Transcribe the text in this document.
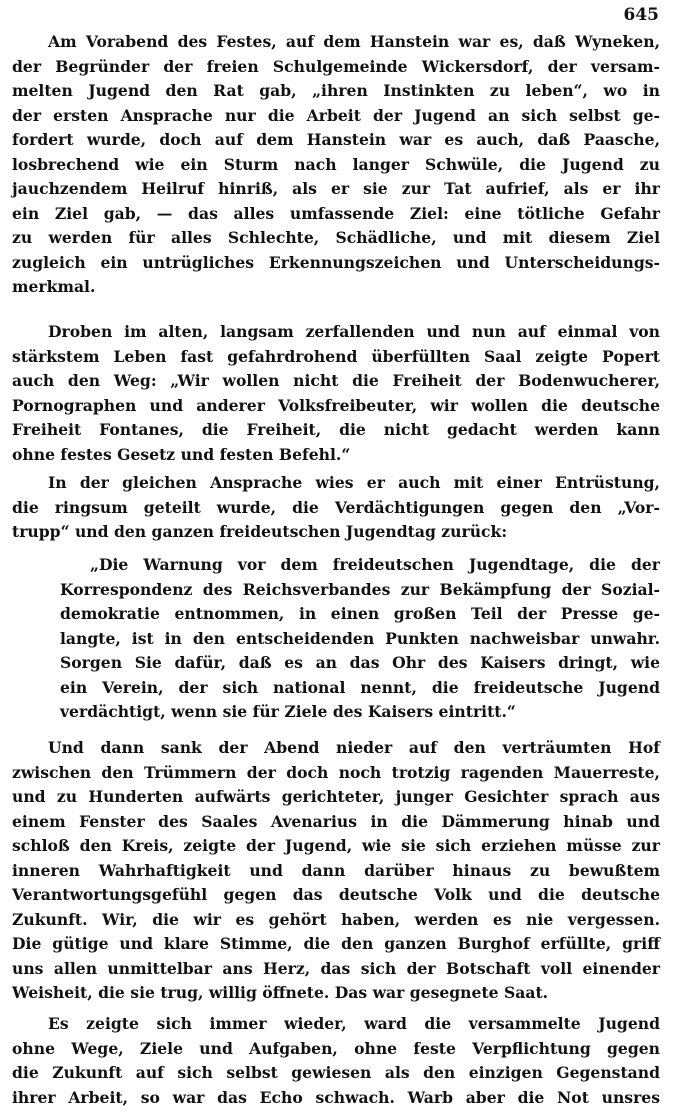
645
Am Vorabend des Festes, auf dem Hanstein war es, daß Wyneken,
der Begründer der freien Schulgemeinde Wickersdorf, der versam-
melten Jugend den Rat gab, „ihren Instinkten zu leben“, wo in
der ersten Ansprache nur die Arbeit der Jugend an sich selbst ge-
fordert wurde, doch auf dem Hanstein war es auch, daß Paasche,
losbrechend wie ein Sturm nach langer Schwüle, die Jugend zu
jauchzendem Heilruf hinriß, als er sie zur Tat aufrief, als er ihr
ein Ziel gab, — das alles umfassende Ziel: eine tötliche Gefahr
zu werden für alles Schlechte, Schädliche, und mit diesem Ziel
zugleich ein untrügliches Erkennungszeichen und Unterscheidungs-
merkmal.
Droben im alten, langsam zerfallenden und nun auf einmal von
stärkstem Leben fast gefahrdrohend überfüllten Saal zeigte Popert
auch den Weg: „Wir wollen nicht die Freiheit der Bodenwucherer,
Pornographen und anderer Volksfreibeuter, wir wollen die deutsche
Freiheit Fontanes, die Freiheit, die nicht gedacht werden kann
ohne festes Gesetz und festen Befehl.“
In der gleichen Ansprache wies er auch mit einer Entrüstung,
die ringsum geteilt wurde, die Verdächtigungen gegen den „Vor-
trupp“ und den ganzen freideutschen Jugendtag zurück:
„Die Warnung vor dem freideutschen Jugendtage, die der
Korrespondenz des Reichsverbandes zur Bekämpfung der Sozial-
demokratie entnommen, in einen großen Teil der Presse ge-
langte, ist in den entscheidenden Punkten nachweisbar unwahr.
Sorgen Sie dafür, daß es an das Ohr des Kaisers dringt, wie
ein Verein, der sich national nennt, die freideutsche Jugend
verdächtigt, wenn sie für Ziele des Kaisers eintritt.“
Und dann sank der Abend nieder auf den verträumten Hof
zwischen den Trümmern der doch noch trotzig ragenden Mauerreste,
und zu Hunderten aufwärts gerichteter, junger Gesichter sprach aus
einem Fenster des Saales Avenarius in die Dämmerung hinab und
schloß den Kreis, zeigte der Jugend, wie sie sich erziehen müsse zur
inneren Wahrhaftigkeit und dann darüber hinaus zu bewußtem
Verantwortungsgefühl gegen das deutsche Volk und die deutsche
Zukunft. Wir, die wir es gehört haben, werden es nie vergessen.
Die gütige und klare Stimme, die den ganzen Burghof erfüllte, griff
uns allen unmittelbar ans Herz, das sich der Botschaft voll einender
Weisheit, die sie trug, willig öffnete. Das war gesegnete Saat.
Es zeigte sich immer wieder, ward die versammelte Jugend
ohne Wege, Ziele und Aufgaben, ohne feste Verpflichtung gegen
die Zukunft auf sich selbst gewiesen als den einzigen Gegenstand
ihrer Arbeit, so war das Echo schwach. Warb aber die Not unsres
